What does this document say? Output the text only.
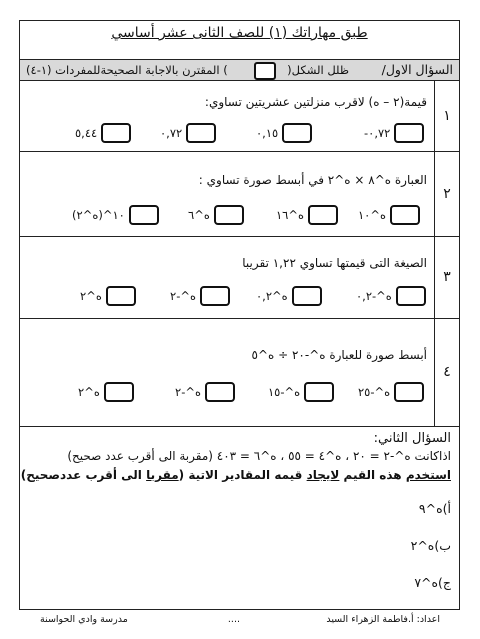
طبق مهاراتك (١) للصف الثانى عشر أساسي
السؤال الاول/
ظلل الشكل(
) المقترن بالاجابة الصحيحةللمفردات (١-٤)
١
قيمة(٢ – ه) لاقرب منزلتين عشريتين تساوي:
-٠,٧٢
٠,١٥
٠,٧٢
٥,٤٤
٢
العبارة ه^٨ × ه^٢ في أبسط صورة تساوي :
ه^١٠
ه^١٦
ه^٦
(ه^٢)^١٠
٣
الصيغة التى قيمتها تساوي ١,٢٢ تقريبا
ه^-٠,٢
ه^٠,٢
ه^-٢
ه^٢
٤
أبسط صورة للعبارة ه^-٢٠ ÷ ه^٥
ه^-٢٥
ه^-١٥
ه^-٢
ه^٢
السؤال الثاني:
اذاكانت ه^-٢ = ٢٠ ، ه^٤ = ٥٥ ، ه^٦ = ٤٠٣ (مقربة الى أقرب عدد صحيح)
استخدم هذه القيم لايجاد قيمه المقادير الاتية (مقربا الى أقرب عددصحيح)
أ)ه^٩
ب)ه^٢
ج)ه^٧
اعداد: أ.فاطمة الزهراء السيد
....
مدرسة وادي الحواسنة
